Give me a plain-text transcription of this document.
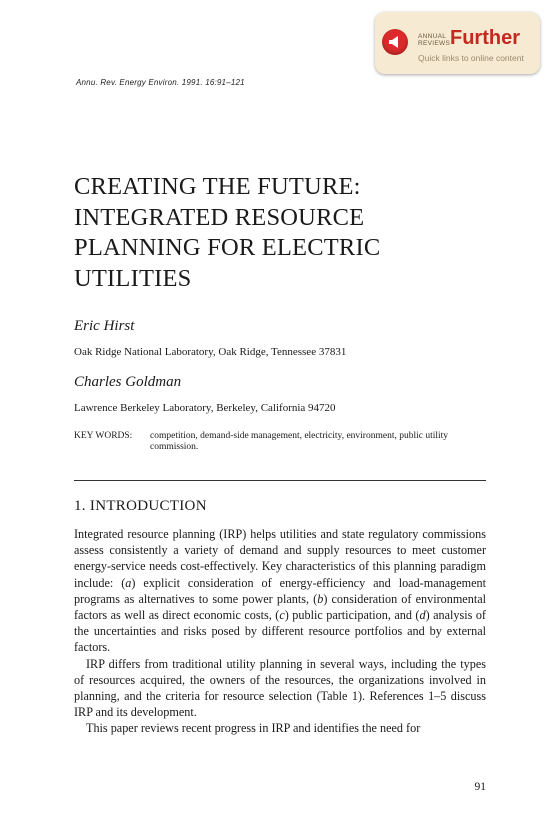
ANNUAL
REVIEWS Further
Quick links to online content
Annu. Rev. Energy Environ. 1991. 16:91–121
CREATING THE FUTURE:
INTEGRATED RESOURCE
PLANNING FOR ELECTRIC
UTILITIES
Eric Hirst
Oak Ridge National Laboratory, Oak Ridge, Tennessee 37831
Charles Goldman
Lawrence Berkeley Laboratory, Berkeley, California 94720
KEY WORDS: competition, demand-side management, electricity, environment, public utility commission.
1. INTRODUCTION

Integrated resource planning (IRP) helps utilities and state regulatory commissions assess consistently a variety of demand and supply resources to meet customer energy-service needs cost-effectively. Key characteristics of this planning paradigm include: (a) explicit consideration of energy-efficiency and load-management programs as alternatives to some power plants, (b) consideration of environmental factors as well as direct economic costs, (c) public participation, and (d) analysis of the uncertainties and risks posed by different resource portfolios and by external factors.

IRP differs from traditional utility planning in several ways, including the types of resources acquired, the owners of the resources, the organizations involved in planning, and the criteria for resource selection (Table 1). References 1–5 discuss IRP and its development.

This paper reviews recent progress in IRP and identifies the need for

91
